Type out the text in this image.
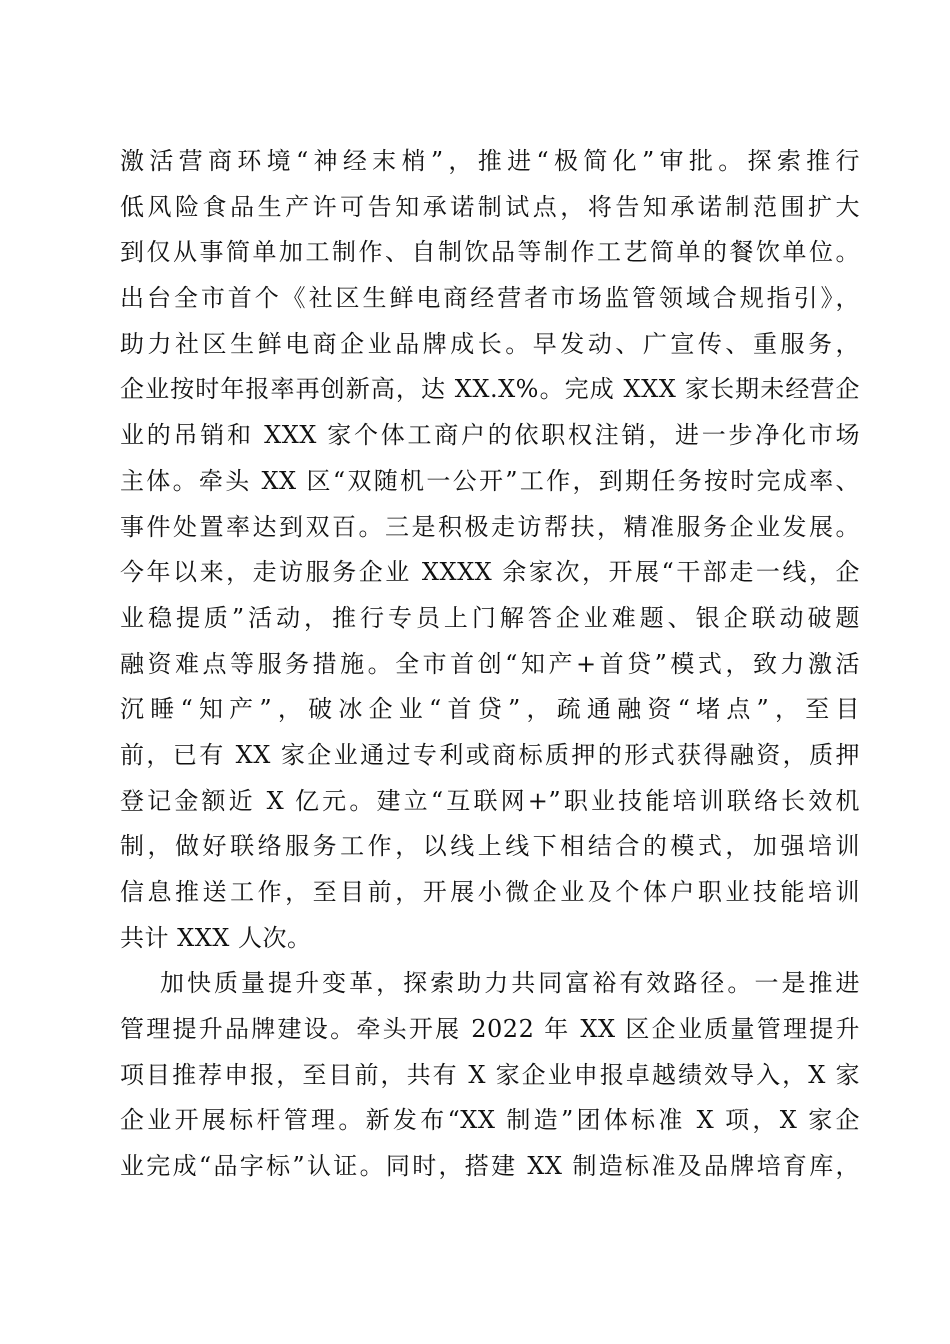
激活营商环境“神经末梢”，推进“极简化”审批。探索推行
低风险食品生产许可告知承诺制试点，将告知承诺制范围扩大
到仅从事简单加工制作、自制饮品等制作工艺简单的餐饮单位。
出台全市首个《社区生鲜电商经营者市场监管领域合规指引》，
助力社区生鲜电商企业品牌成长。早发动、广宣传、重服务，
企业按时年报率再创新高，达 XX.X%。完成 XXX 家长期未经营企
业的吊销和 XXX 家个体工商户的依职权注销，进一步净化市场
主体。牵头 XX 区“双随机一公开”工作，到期任务按时完成率、
事件处置率达到双百。三是积极走访帮扶，精准服务企业发展。
今年以来，走访服务企业 XXXX 余家次，开展“干部走一线，企
业稳提质”活动，推行专员上门解答企业难题、银企联动破题
融资难点等服务措施。全市首创“知产+首贷”模式，致力激活
沉睡“知产”，破冰企业“首贷”，疏通融资“堵点”，至目
前，已有 XX 家企业通过专利或商标质押的形式获得融资，质押
登记金额近 X 亿元。建立“互联网+”职业技能培训联络长效机
制，做好联络服务工作，以线上线下相结合的模式，加强培训
信息推送工作，至目前，开展小微企业及个体户职业技能培训
共计 XXX 人次。
加快质量提升变革，探索助力共同富裕有效路径。一是推进
管理提升品牌建设。牵头开展 2022 年 XX 区企业质量管理提升
项目推荐申报，至目前，共有 X 家企业申报卓越绩效导入，X 家
企业开展标杆管理。新发布“XX 制造”团体标准 X 项，X 家企
业完成“品字标”认证。同时，搭建 XX 制造标准及品牌培育库，
